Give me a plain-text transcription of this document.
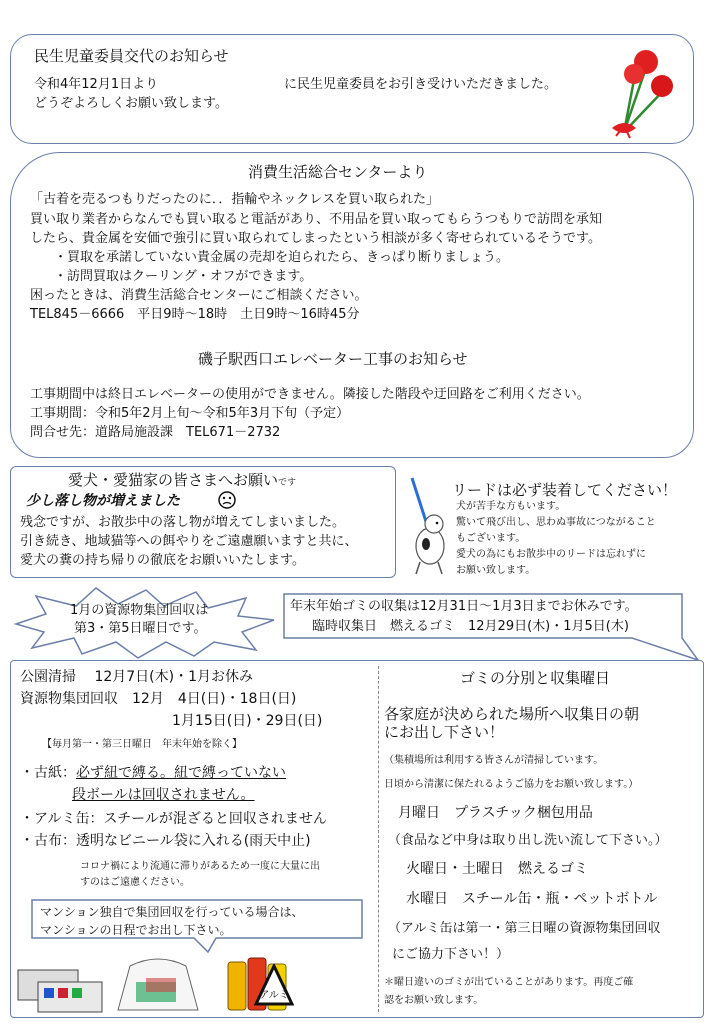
民生児童委員交代のお知らせ
令和4年12月1日より	に民生児童委員をお引き受けいただきました。
どうぞよろしくお願い致します。
消費生活総合センターより
「古着を売るつもりだったのに．．指輪やネックレスを買い取られた」
買い取り業者からなんでも買い取ると電話があり、不用品を買い取ってもらうつもりで訪問を承知
したら、貴金属を安価で強引に買い取られてしまったという相談が多く寄せられているそうです。
・買取を承諾していない貴金属の売却を迫られたら、きっぱり断りましょう。
・訪問買取はクーリング・オフができます。
困ったときは、消費生活総合センターにご相談ください。
TEL845－6666　平日9時～18時　土日9時～16時45分
磯子駅西口エレベーター工事のお知らせ
工事期間中は終日エレベーターの使用ができません。隣接した階段や迂回路をご利用ください。
工事期間：令和5年2月上旬～令和5年3月下旬（予定）
問合せ先：道路局施設課　TEL671－2732
愛犬・愛猫家の皆さまへお願いです
少し落し物が増えました
残念ですが、お散歩中の落し物が増えてしまいました。
引き続き、地域猫等への餌やりをご遠慮願いますと共に、
愛犬の糞の持ち帰りの徹底をお願いいたします。
リードは必ず装着してください！
犬が苦手な方もいます。
驚いて飛び出し、思わぬ事故につながること
もございます。
愛犬の為にもお散歩中のリードは忘れずに
お願い致します。
1月の資源物集団回収は
第3・第5日曜日です。
年末年始ゴミの収集は12月31日～1月3日までお休みです。
臨時収集日　燃えるゴミ　12月29日(木)・1月5日(木)
公園清掃　 12月7日(木)・1月お休み
資源物集団回収　12月　4日(日)・18日(日)
1月15日(日)・29日(日)
【毎月第一・第三日曜日　年末年始を除く】
・古紙：必ず紐で縛る。紐で縛っていない
段ボールは回収されません。
・アルミ缶：スチールが混ざると回収されません
・古布：透明なビニール袋に入れる(雨天中止)
コロナ禍により流通に滞りがあるため一度に大量に出
すのはご遠慮ください。
マンション独自で集団回収を行っている場合は、
マンションの日程でお出し下さい。
アルミ
ゴミの分別と収集曜日
各家庭が決められた場所へ収集日の朝
にお出し下さい！
（集積場所は利用する皆さんが清掃しています。
日頃から清潔に保たれるようご協力をお願い致します。）
月曜日　プラスチック梱包用品
（食品など中身は取り出し洗い流して下さい。）
火曜日・土曜日　燃えるゴミ
水曜日　スチール缶・瓶・ペットボトル
（アルミ缶は第一・第三日曜の資源物集団回収
にご協力下さい！）
＊曜日違いのゴミが出ていることがあります。再度ご確
認をお願い致します。
